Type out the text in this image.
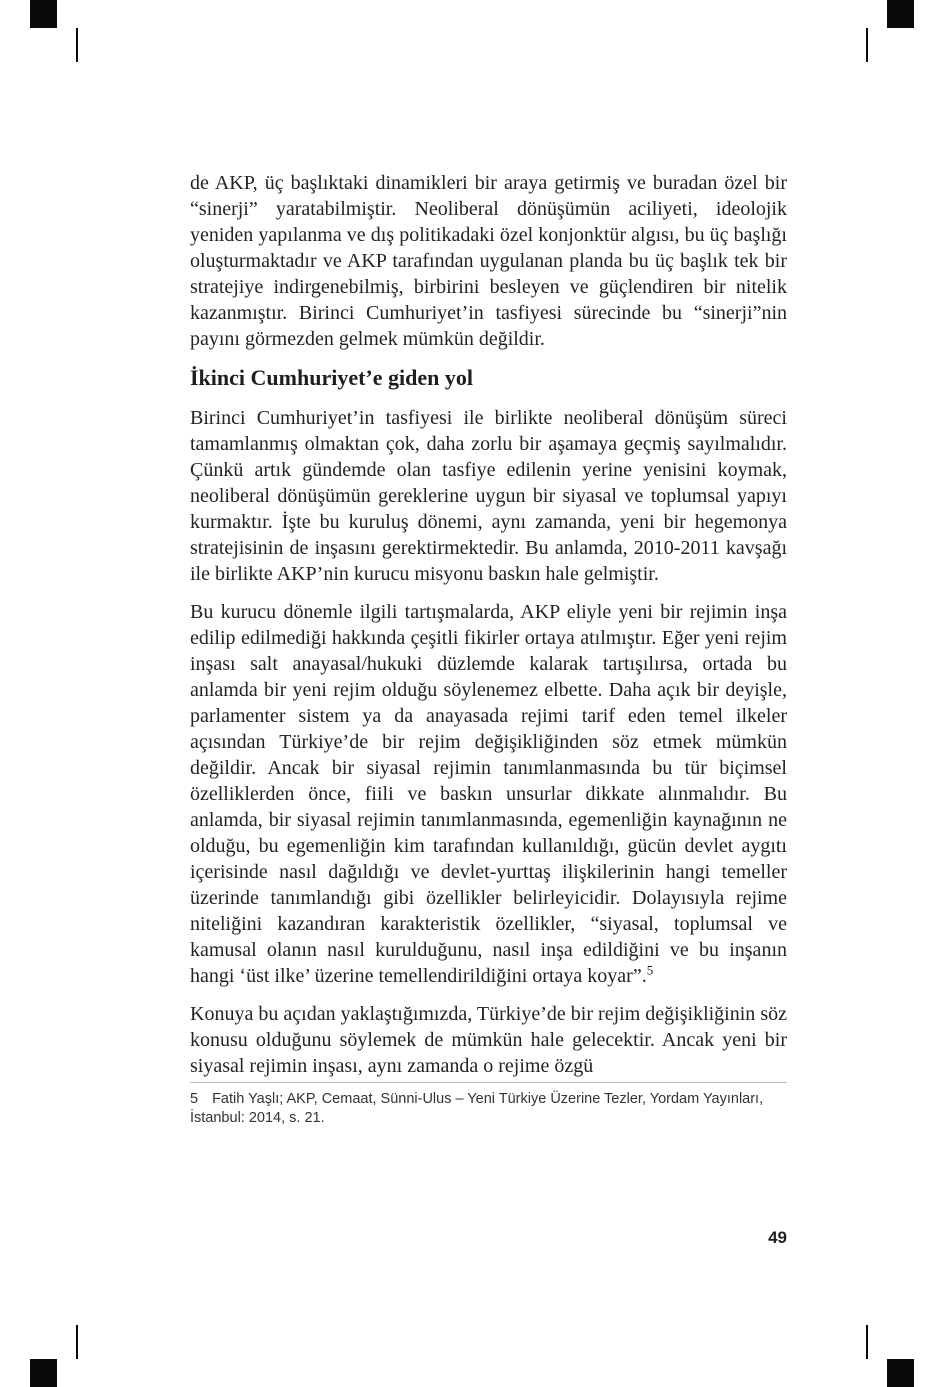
de AKP, üç başlıktaki dinamikleri bir araya getirmiş ve buradan özel bir “sinerji” yaratabilmiştir. Neoliberal dönüşümün aciliyeti, ideolojik yeniden yapılanma ve dış politikadaki özel konjonktür algısı, bu üç başlığı oluşturmaktadır ve AKP tarafından uygulanan planda bu üç başlık tek bir stratejiye indirgenebilmiş, birbirini besleyen ve güçlendiren bir nitelik kazanmıştır. Birinci Cumhuriyet’in tasfiyesi sürecinde bu “sinerji”nin payını görmezden gelmek mümkün değildir.

İkinci Cumhuriyet’e giden yol

Birinci Cumhuriyet’in tasfiyesi ile birlikte neoliberal dönüşüm süreci tamamlanmış olmaktan çok, daha zorlu bir aşamaya geçmiş sayılmalıdır. Çünkü artık gündemde olan tasfiye edilenin yerine yenisini koymak, neoliberal dönüşümün gereklerine uygun bir siyasal ve toplumsal yapıyı kurmaktır. İşte bu kuruluş dönemi, aynı zamanda, yeni bir hegemonya stratejisinin de inşasını gerektirmektedir. Bu anlamda, 2010-2011 kavşağı ile birlikte AKP’nin kurucu misyonu baskın hale gelmiştir.

Bu kurucu dönemle ilgili tartışmalarda, AKP eliyle yeni bir rejimin inşa edilip edilmediği hakkında çeşitli fikirler ortaya atılmıştır. Eğer yeni rejim inşası salt anayasal/hukuki düzlemde kalarak tartışılırsa, ortada bu anlamda bir yeni rejim olduğu söylenemez elbette. Daha açık bir deyişle, parlamenter sistem ya da anayasada rejimi tarif eden temel ilkeler açısından Türkiye’de bir rejim değişikliğinden söz etmek mümkün değildir. Ancak bir siyasal rejimin tanımlanmasında bu tür biçimsel özelliklerden önce, fiili ve baskın unsurlar dikkate alınmalıdır. Bu anlamda, bir siyasal rejimin tanımlanmasında, egemenliğin kaynağının ne olduğu, bu egemenliğin kim tarafından kullanıldığı, gücün devlet aygıtı içerisinde nasıl dağıldığı ve devlet-yurttaş ilişkilerinin hangi temeller üzerinde tanımlandığı gibi özellikler belirleyicidir. Dolayısıyla rejime niteliğini kazandıran karakteristik özellikler, “siyasal, toplumsal ve kamusal olanın nasıl kurulduğunu, nasıl inşa edildiğini ve bu inşanın hangi ‘üst ilke’ üzerine temellendirildiğini ortaya koyar”.$^5$

Konuya bu açıdan yaklaştığımızda, Türkiye’de bir rejim değişikliğinin söz konusu olduğunu söylemek de mümkün hale gelecektir. Ancak yeni bir siyasal rejimin inşası, aynı zamanda o rejime özgü

5 Fatih Yaşlı; AKP, Cemaat, Sünni-Ulus – Yeni Türkiye Üzerine Tezler, Yordam Yayınları, İstanbul: 2014, s. 21.
49
